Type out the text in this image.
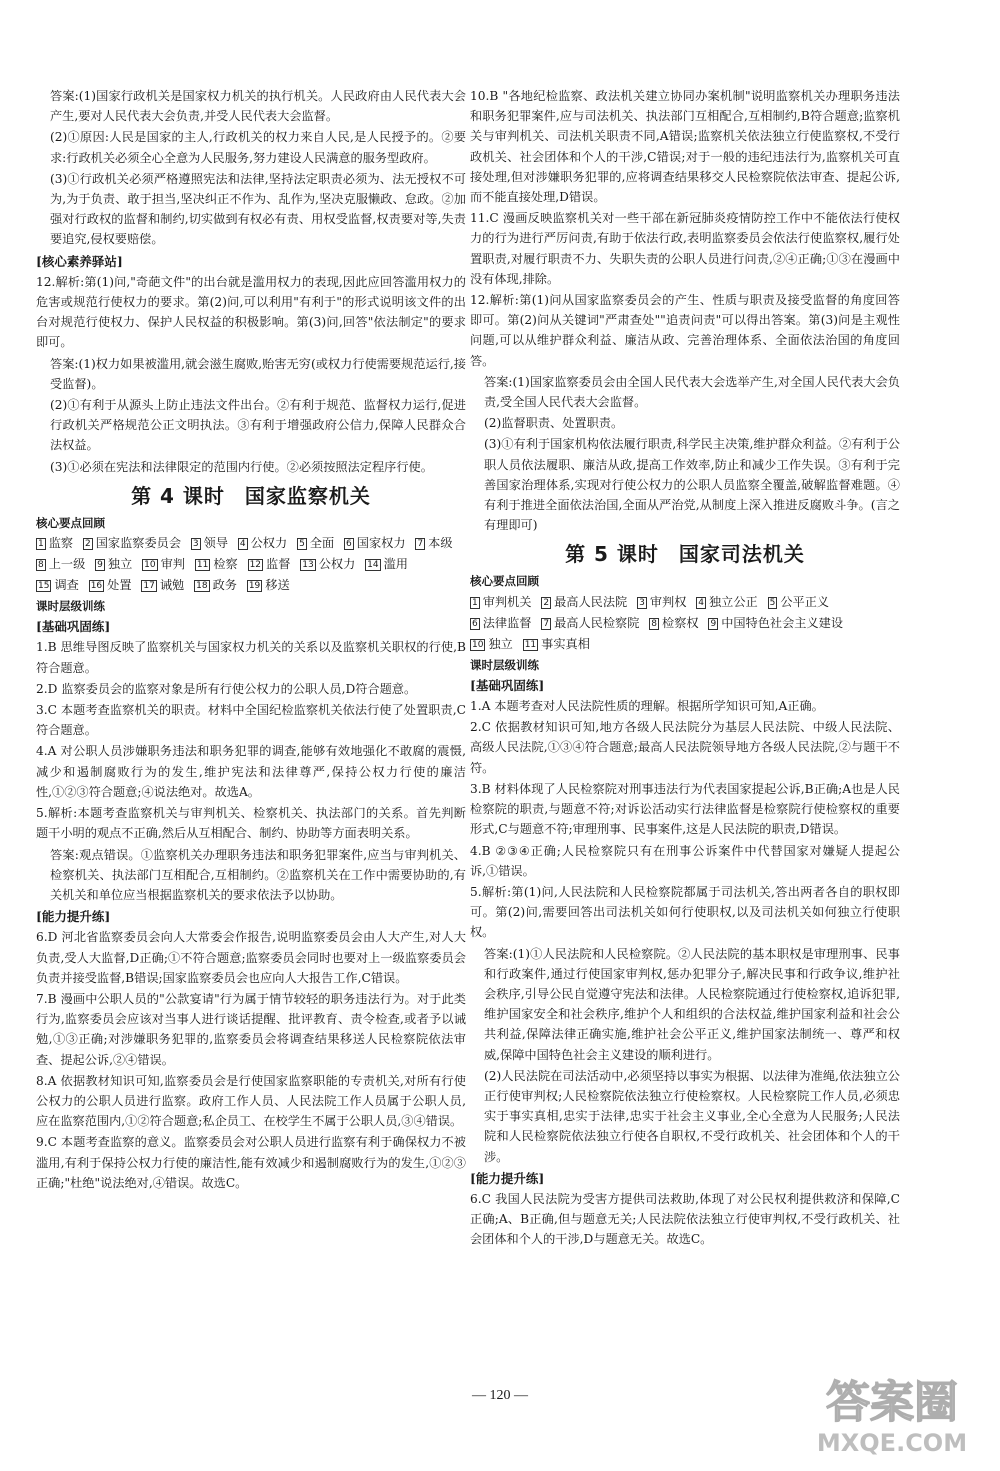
答案:(1)国家行政机关是国家权力机关的执行机关。人民政府由人民代表大会产生,要对人民代表大会负责,并受人民代表大会监督。

(2)①原因:人民是国家的主人,行政机关的权力来自人民,是人民授予的。②要求:行政机关必须全心全意为人民服务,努力建设人民满意的服务型政府。

(3)①行政机关必须严格遵照宪法和法律,坚持法定职责必须为、法无授权不可为,为于负责、敢于担当,坚决纠正不作为、乱作为,坚决克服懒政、怠政。②加强对行政权的监督和制约,切实做到有权必有责、用权受监督,权责要对等,失责要追究,侵权要赔偿。

[核心素养驿站]

12.解析:第(1)问,"奇葩文件"的出台就是滥用权力的表现,因此应回答滥用权力的危害或规范行使权力的要求。第(2)问,可以利用"有利于"的形式说明该文件的出台对规范行使权力、保护人民权益的积极影响。第(3)问,回答"依法制定"的要求即可。

答案:(1)权力如果被滥用,就会滋生腐败,贻害无穷(或权力行使需要规范运行,接受监督)。

(2)①有利于从源头上防止违法文件出台。②有利于规范、监督权力运行,促进行政机关严格规范公正文明执法。③有利于增强政府公信力,保障人民群众合法权益。

(3)①必须在宪法和法律限定的范围内行使。②必须按照法定程序行使。

第 4 课时 国家监察机关

核心要点回顾

1 监察 2 国家监察委员会 3 领导 4 公权力 5 全面 6 国家权力 7 本级 8 上一级 9 独立 10 审判 11 检察 12 监督 13 公权力 14 滥用 15 调查 16 处置 17 诫勉 18 政务 19 移送

课时层级训练

[基础巩固练]

1.B 思维导图反映了监察机关与国家权力机关的关系以及监察机关职权的行使,B符合题意。

2.D 监察委员会的监察对象是所有行使公权力的公职人员,D符合题意。

3.C 本题考查监察机关的职责。材料中全国纪检监察机关依法行使了处置职责,C符合题意。

4.A 对公职人员涉嫌职务违法和职务犯罪的调查,能够有效地强化不敢腐的震慑,减少和遏制腐败行为的发生,维护宪法和法律尊严,保持公权力行使的廉洁性,①②③符合题意;④说法绝对。故选A。

5.解析:本题考查监察机关与审判机关、检察机关、执法部门的关系。首先判断题干小明的观点不正确,然后从互相配合、制约、协助等方面表明关系。

答案:观点错误。①监察机关办理职务违法和职务犯罪案件,应当与审判机关、检察机关、执法部门互相配合,互相制约。②监察机关在工作中需要协助的,有关机关和单位应当根据监察机关的要求依法予以协助。

[能力提升练]

6.D 河北省监察委员会向人大常委会作报告,说明监察委员会由人大产生,对人大负责,受人大监督,D正确;①不符合题意;监察委员会同时也要对上一级监察委员会负责并接受监督,B错误;国家监察委员会也应向人大报告工作,C错误。

7.B 漫画中公职人员的"公款宴请"行为属于情节较轻的职务违法行为。对于此类行为,监察委员会应该对当事人进行谈话提醒、批评教育、责令检查,或者予以诫勉,①③正确;对涉嫌职务犯罪的,监察委员会将调查结果移送人民检察院依法审查、提起公诉,②④错误。

8.A 依据教材知识可知,监察委员会是行使国家监察职能的专责机关,对所有行使公权力的公职人员进行监察。政府工作人员、人民法院工作人员属于公职人员,应在监察范围内,①②符合题意;私企员工、在校学生不属于公职人员,③④错误。

9.C 本题考查监察的意义。监察委员会对公职人员进行监察有利于确保权力不被滥用,有利于保持公权力行使的廉洁性,能有效减少和遏制腐败行为的发生,①②③正确;"杜绝"说法绝对,④错误。故选C。

10.B "各地纪检监察、政法机关建立协同办案机制"说明监察机关办理职务违法和职务犯罪案件,应与司法机关、执法部门互相配合,互相制约,B符合题意;监察机关与审判机关、司法机关职责不同,A错误;监察机关依法独立行使监察权,不受行政机关、社会团体和个人的干涉,C错误;对于一般的违纪违法行为,监察机关可直接处理,但对涉嫌职务犯罪的,应将调查结果移交人民检察院依法审查、提起公诉,而不能直接处理,D错误。

11.C 漫画反映监察机关对一些干部在新冠肺炎疫情防控工作中不能依法行使权力的行为进行严厉问责,有助于依法行政,表明监察委员会依法行使监察权,履行处置职责,对履行职责不力、失职失责的公职人员进行问责,②④正确;①③在漫画中没有体现,排除。

12.解析:第(1)问从国家监察委员会的产生、性质与职责及接受监督的角度回答即可。第(2)问从关键词"严肃查处""追责问责"可以得出答案。第(3)问是主观性问题,可以从维护群众利益、廉洁从政、完善治理体系、全面依法治国的角度回答。

答案:(1)国家监察委员会由全国人民代表大会选举产生,对全国人民代表大会负责,受全国人民代表大会监督。

(2)监督职责、处置职责。

(3)①有利于国家机构依法履行职责,科学民主决策,维护群众利益。②有利于公职人员依法履职、廉洁从政,提高工作效率,防止和减少工作失误。③有利于完善国家治理体系,实现对行使公权力的公职人员监察全覆盖,破解监督难题。④有利于推进全面依法治国,全面从严治党,从制度上深入推进反腐败斗争。(言之有理即可)

第 5 课时 国家司法机关

核心要点回顾

1 审判机关 2 最高人民法院 3 审判权 4 独立公正 5 公平正义 6 法律监督 7 最高人民检察院 8 检察权 9 中国特色社会主义建设 10 独立 11 事实真相

课时层级训练

[基础巩固练]

1.A 本题考查对人民法院性质的理解。根据所学知识可知,A正确。

2.C 依据教材知识可知,地方各级人民法院分为基层人民法院、中级人民法院、高级人民法院,①③④符合题意;最高人民法院领导地方各级人民法院,②与题干不符。

3.B 材料体现了人民检察院对刑事违法行为代表国家提起公诉,B正确;A也是人民检察院的职责,与题意不符;对诉讼活动实行法律监督是检察院行使检察权的重要形式,C与题意不符;审理刑事、民事案件,这是人民法院的职责,D错误。

4.B ②③④正确;人民检察院只有在刑事公诉案件中代替国家对嫌疑人提起公诉,①错误。

5.解析:第(1)问,人民法院和人民检察院都属于司法机关,答出两者各自的职权即可。第(2)问,需要回答出司法机关如何行使职权,以及司法机关如何独立行使职权。

答案:(1)①人民法院和人民检察院。②人民法院的基本职权是审理刑事、民事和行政案件,通过行使国家审判权,惩办犯罪分子,解决民事和行政争议,维护社会秩序,引导公民自觉遵守宪法和法律。人民检察院通过行使检察权,追诉犯罪,维护国家安全和社会秩序,维护个人和组织的合法权益,维护国家利益和社会公共利益,保障法律正确实施,维护社会公平正义,维护国家法制统一、尊严和权威,保障中国特色社会主义建设的顺利进行。

(2)人民法院在司法活动中,必须坚持以事实为根据、以法律为准绳,依法独立公正行使审判权;人民检察院依法独立行使检察权。人民检察院工作人员,必须忠实于事实真相,忠实于法律,忠实于社会主义事业,全心全意为人民服务;人民法院和人民检察院依法独立行使各自职权,不受行政机关、社会团体和个人的干涉。

[能力提升练]

6.C 我国人民法院为受害方提供司法救助,体现了对公民权利提供救济和保障,C正确;A、B正确,但与题意无关;人民法院依法独立行使审判权,不受行政机关、社会团体和个人的干涉,D与题意无关。故选C。

— 120 —	答案圈
MXQE.COM
